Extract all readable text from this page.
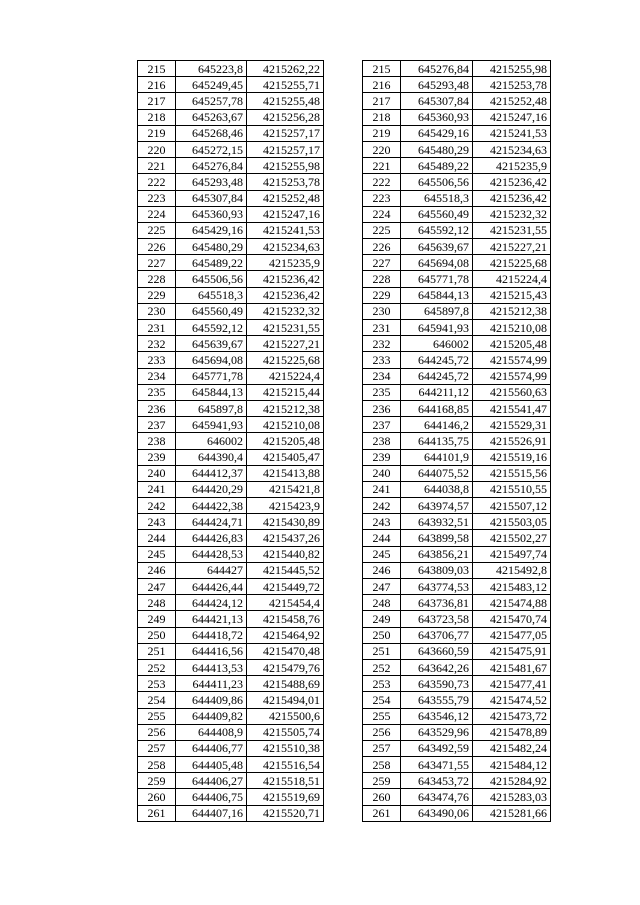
215	645223,8	4215262,22
216	645249,45	4215255,71
217	645257,78	4215255,48
218	645263,67	4215256,28
219	645268,46	4215257,17
220	645272,15	4215257,17
221	645276,84	4215255,98
222	645293,48	4215253,78
223	645307,84	4215252,48
224	645360,93	4215247,16
225	645429,16	4215241,53
226	645480,29	4215234,63
227	645489,22	4215235,9
228	645506,56	4215236,42
229	645518,3	4215236,42
230	645560,49	4215232,32
231	645592,12	4215231,55
232	645639,67	4215227,21
233	645694,08	4215225,68
234	645771,78	4215224,4
235	645844,13	4215215,44
236	645897,8	4215212,38
237	645941,93	4215210,08
238	646002	4215205,48
239	644390,4	4215405,47
240	644412,37	4215413,88
241	644420,29	4215421,8
242	644422,38	4215423,9
243	644424,71	4215430,89
244	644426,83	4215437,26
245	644428,53	4215440,82
246	644427	4215445,52
247	644426,44	4215449,72
248	644424,12	4215454,4
249	644421,13	4215458,76
250	644418,72	4215464,92
251	644416,56	4215470,48
252	644413,53	4215479,76
253	644411,23	4215488,69
254	644409,86	4215494,01
255	644409,82	4215500,6
256	644408,9	4215505,74
257	644406,77	4215510,38
258	644405,48	4215516,54
259	644406,27	4215518,51
260	644406,75	4215519,69
261	644407,16	4215520,71
215	645276,84	4215255,98
216	645293,48	4215253,78
217	645307,84	4215252,48
218	645360,93	4215247,16
219	645429,16	4215241,53
220	645480,29	4215234,63
221	645489,22	4215235,9
222	645506,56	4215236,42
223	645518,3	4215236,42
224	645560,49	4215232,32
225	645592,12	4215231,55
226	645639,67	4215227,21
227	645694,08	4215225,68
228	645771,78	4215224,4
229	645844,13	4215215,43
230	645897,8	4215212,38
231	645941,93	4215210,08
232	646002	4215205,48
233	644245,72	4215574,99
234	644245,72	4215574,99
235	644211,12	4215560,63
236	644168,85	4215541,47
237	644146,2	4215529,31
238	644135,75	4215526,91
239	644101,9	4215519,16
240	644075,52	4215515,56
241	644038,8	4215510,55
242	643974,57	4215507,12
243	643932,51	4215503,05
244	643899,58	4215502,27
245	643856,21	4215497,74
246	643809,03	4215492,8
247	643774,53	4215483,12
248	643736,81	4215474,88
249	643723,58	4215470,74
250	643706,77	4215477,05
251	643660,59	4215475,91
252	643642,26	4215481,67
253	643590,73	4215477,41
254	643555,79	4215474,52
255	643546,12	4215473,72
256	643529,96	4215478,89
257	643492,59	4215482,24
258	643471,55	4215484,12
259	643453,72	4215284,92
260	643474,76	4215283,03
261	643490,06	4215281,66
